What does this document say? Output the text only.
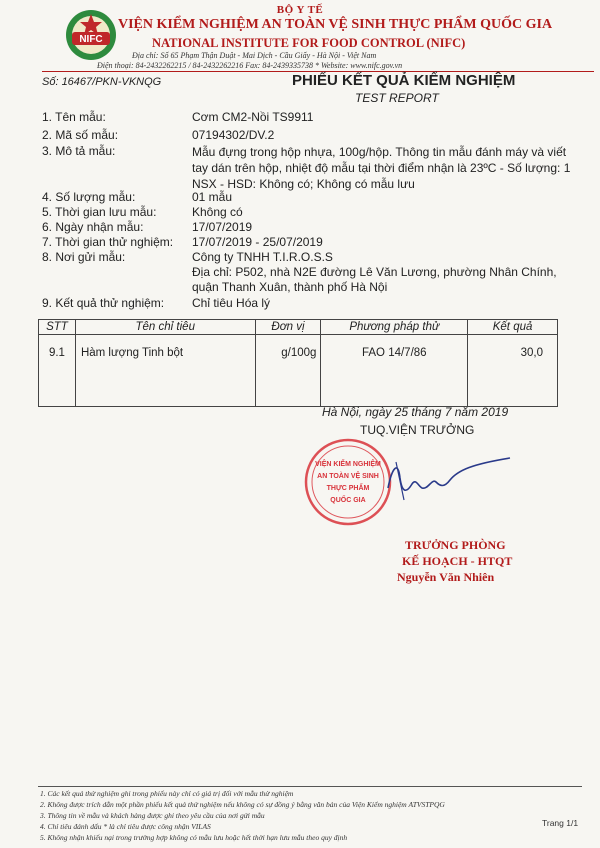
BỘ Y TẾ
NIFC
VIỆN KIỂM NGHIỆM AN TOÀN VỆ SINH THỰC PHẨM QUỐC GIA
NATIONAL INSTITUTE FOR FOOD CONTROL (NIFC)
Địa chỉ: Số 65 Phạm Thận Duật - Mai Dịch - Cầu Giấy - Hà Nội - Việt Nam
Điện thoại: 84-2432262215 / 84-2432262216 Fax: 84-2439335738 * Website: www.nifc.gov.vn
Số: 16467/PKN-VKNQG	PHIẾU KẾT QUẢ KIỂM NGHIỆM
TEST REPORT
1. Tên mẫu:	Cơm CM2-Nồi TS9911
2. Mã số mẫu:	07194302/DV.2
3. Mô tả mẫu:	Mẫu đựng trong hộp nhựa, 100g/hộp. Thông tin mẫu đánh máy và viết tay dán trên hộp, nhiệt độ mẫu tại thời điểm nhận là 23ºC - Số lượng: 1 NSX - HSD: Không có; Không có mẫu lưu
4. Số lượng mẫu:	01 mẫu
5. Thời gian lưu mẫu:	Không có
6. Ngày nhận mẫu:	17/07/2019
7. Thời gian thử nghiệm: 17/07/2019 - 25/07/2019
8. Nơi gửi mẫu:	Công ty TNHH T.I.R.O.S.S
Địa chỉ: P502, nhà N2E đường Lê Văn Lương, phường Nhân Chính, quận Thanh Xuân, thành phố Hà Nội
9. Kết quả thử nghiệm: Chỉ tiêu Hóa lý
STT	Tên chỉ tiêu	Đơn vị	Phương pháp thử	Kết quả
9.1	Hàm lượng Tinh bột	g/100g	FAO 14/7/86	30,0
Hà Nội, ngày 25 tháng 7 năm 2019
TUQ.VIỆN TRƯỞNG
VIỆN KIỂM NGHIỆM
AN TOÀN VỆ SINH
THỰC PHẨM
QUỐC GIA
TRƯỞNG PHÒNG
KẾ HOẠCH - HTQT
Nguyễn Văn Nhiên
1. Các kết quả thử nghiệm ghi trong phiếu này chỉ có giá trị đối với mẫu thử nghiệm
2. Không được trích dẫn một phần phiếu kết quả thử nghiệm nếu không có sự đồng ý bằng văn bản của Viện Kiểm nghiệm ATVSTPQG
3. Thông tin về mẫu và khách hàng được ghi theo yêu cầu của nơi gửi mẫu
4. Chỉ tiêu đánh dấu * là chỉ tiêu được công nhận VILAS
5. Không nhận khiếu nại trong trường hợp không có mẫu lưu hoặc hết thời hạn lưu mẫu theo quy định
Trang 1/1
